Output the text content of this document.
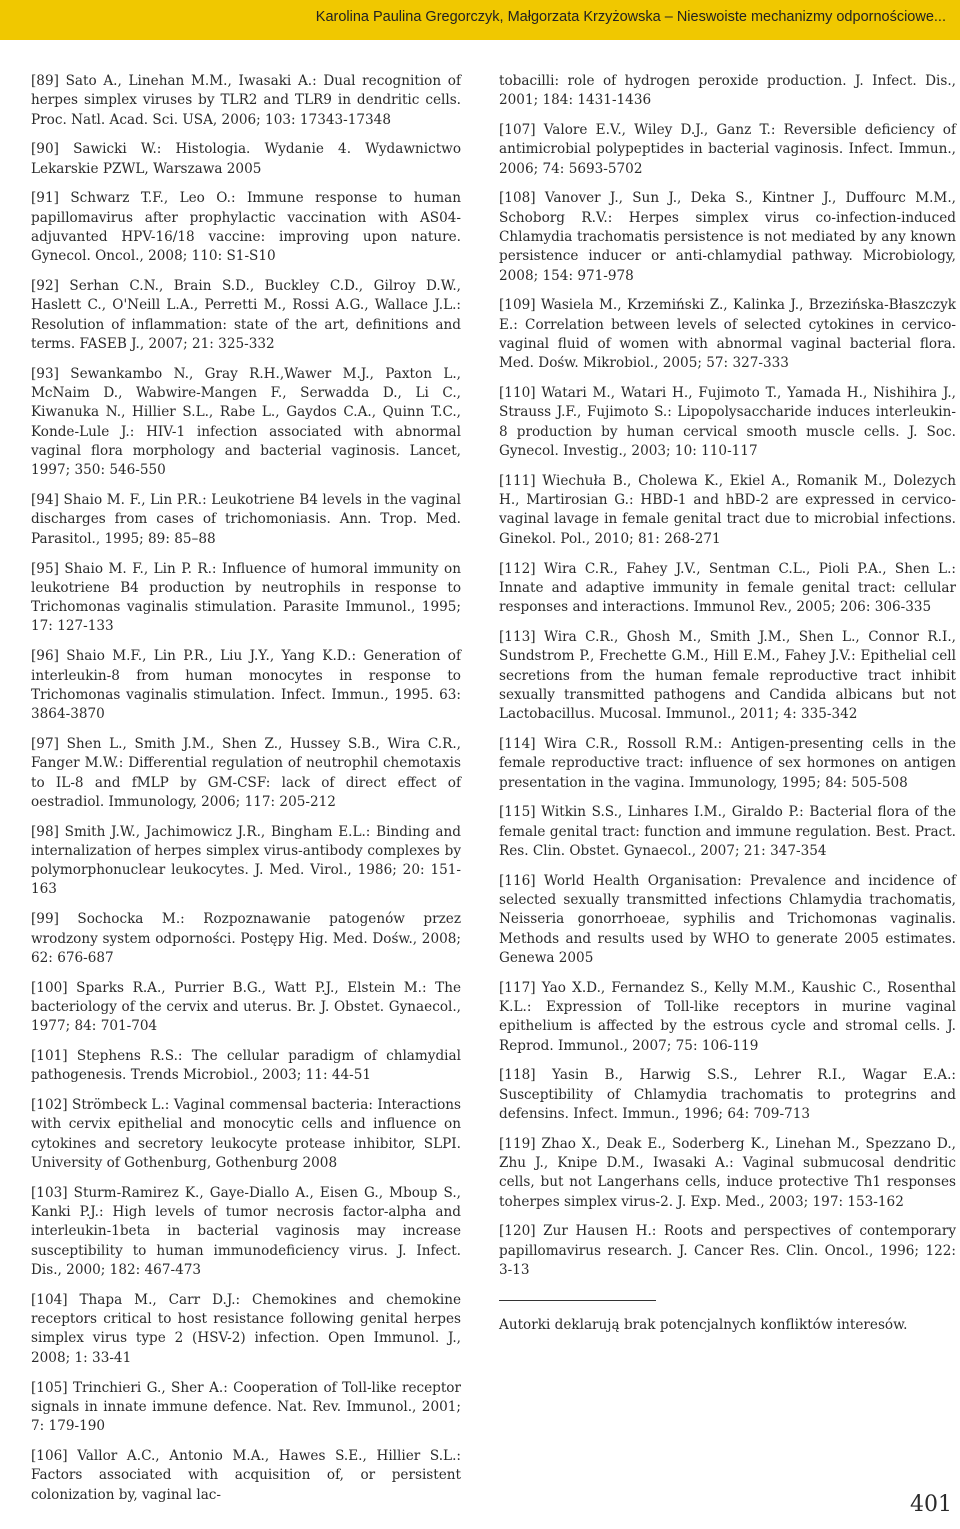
Karolina Paulina Gregorczyk, Małgorzata Krzyżowska – Nieswoiste mechanizmy odpornościowe...

[89] Sato A., Linehan M.M., Iwasaki A.: Dual recognition of herpes simplex viruses by TLR2 and TLR9 in dendritic cells. Proc. Natl. Acad. Sci. USA, 2006; 103: 17343-17348

[90] Sawicki W.: Histologia. Wydanie 4. Wydawnictwo Lekarskie PZWL, Warszawa 2005

[91] Schwarz T.F., Leo O.: Immune response to human papillomavirus after prophylactic vaccination with AS04-adjuvanted HPV-16/18 vaccine: improving upon nature. Gynecol. Oncol., 2008; 110: S1-S10

[92] Serhan C.N., Brain S.D., Buckley C.D., Gilroy D.W., Haslett C., O'Neill L.A., Perretti M., Rossi A.G., Wallace J.L.: Resolution of inflammation: state of the art, definitions and terms. FASEB J., 2007; 21: 325-332

[93] Sewankambo N., Gray R.H.,Wawer M.J., Paxton L., McNaim D., Wabwire-Mangen F., Serwadda D., Li C., Kiwanuka N., Hillier S.L., Rabe L., Gaydos C.A., Quinn T.C., Konde-Lule J.: HIV-1 infection associated with abnormal vaginal flora morphology and bacterial vaginosis. Lancet, 1997; 350: 546-550

[94] Shaio M. F., Lin P.R.: Leukotriene B4 levels in the vaginal discharges from cases of trichomoniasis. Ann. Trop. Med. Parasitol., 1995; 89: 85–88

[95] Shaio M. F., Lin P. R.: Influence of humoral immunity on leukotriene B4 production by neutrophils in response to Trichomonas vaginalis stimulation. Parasite Immunol., 1995; 17: 127-133

[96] Shaio M.F., Lin P.R., Liu J.Y., Yang K.D.: Generation of interleukin-8 from human monocytes in response to Trichomonas vaginalis stimulation. Infect. Immun., 1995. 63: 3864-3870

[97] Shen L., Smith J.M., Shen Z., Hussey S.B., Wira C.R., Fanger M.W.: Differential regulation of neutrophil chemotaxis to IL-8 and fMLP by GM-CSF: lack of direct effect of oestradiol. Immunology, 2006; 117: 205-212

[98] Smith J.W., Jachimowicz J.R., Bingham E.L.: Binding and internalization of herpes simplex virus-antibody complexes by polymorphonuclear leukocytes. J. Med. Virol., 1986; 20: 151-163

[99] Sochocka M.: Rozpoznawanie patogenów przez wrodzony system odporności. Postępy Hig. Med. Dośw., 2008; 62: 676-687

[100] Sparks R.A., Purrier B.G., Watt P.J., Elstein M.: The bacteriology of the cervix and uterus. Br. J. Obstet. Gynaecol., 1977; 84: 701-704

[101] Stephens R.S.: The cellular paradigm of chlamydial pathogenesis. Trends Microbiol., 2003; 11: 44-51

[102] Strömbeck L.: Vaginal commensal bacteria: Interactions with cervix epithelial and monocytic cells and influence on cytokines and secretory leukocyte protease inhibitor, SLPI. University of Gothenburg, Gothenburg 2008

[103] Sturm-Ramirez K., Gaye-Diallo A., Eisen G., Mboup S., Kanki P.J.: High levels of tumor necrosis factor-alpha and interleukin-1beta in bacterial vaginosis may increase susceptibility to human immunodeficiency virus. J. Infect. Dis., 2000; 182: 467-473

[104] Thapa M., Carr D.J.: Chemokines and chemokine receptors critical to host resistance following genital herpes simplex virus type 2 (HSV-2) infection. Open Immunol. J., 2008; 1: 33-41

[105] Trinchieri G., Sher A.: Cooperation of Toll-like receptor signals in innate immune defence. Nat. Rev. Immunol., 2001; 7: 179-190

[106] Vallor A.C., Antonio M.A., Hawes S.E., Hillier S.L.: Factors associated with acquisition of, or persistent colonization by, vaginal lac-

tobacilli: role of hydrogen peroxide production. J. Infect. Dis., 2001; 184: 1431-1436

[107] Valore E.V., Wiley D.J., Ganz T.: Reversible deficiency of antimicrobial polypeptides in bacterial vaginosis. Infect. Immun., 2006; 74: 5693-5702

[108] Vanover J., Sun J., Deka S., Kintner J., Duffourc M.M., Schoborg R.V.: Herpes simplex virus co-infection-induced Chlamydia trachomatis persistence is not mediated by any known persistence inducer or anti-chlamydial pathway. Microbiology, 2008; 154: 971-978

[109] Wasiela M., Krzemiński Z., Kalinka J., Brzezińska-Błaszczyk E.: Correlation between levels of selected cytokines in cervico-vaginal fluid of women with abnormal vaginal bacterial flora. Med. Dośw. Mikrobiol., 2005; 57: 327-333

[110] Watari M., Watari H., Fujimoto T., Yamada H., Nishihira J., Strauss J.F., Fujimoto S.: Lipopolysaccharide induces interleukin-8 production by human cervical smooth muscle cells. J. Soc. Gynecol. Investig., 2003; 10: 110-117

[111] Wiechuła B., Cholewa K., Ekiel A., Romanik M., Dolezych H., Martirosian G.: HBD-1 and hBD-2 are expressed in cervico-vaginal lavage in female genital tract due to microbial infections. Ginekol. Pol., 2010; 81: 268-271

[112] Wira C.R., Fahey J.V., Sentman C.L., Pioli P.A., Shen L.: Innate and adaptive immunity in female genital tract: cellular responses and interactions. Immunol Rev., 2005; 206: 306-335

[113] Wira C.R., Ghosh M., Smith J.M., Shen L., Connor R.I., Sundstrom P., Frechette G.M., Hill E.M., Fahey J.V.: Epithelial cell secretions from the human female reproductive tract inhibit sexually transmitted pathogens and Candida albicans but not Lactobacillus. Mucosal. Immunol., 2011; 4: 335-342

[114] Wira C.R., Rossoll R.M.: Antigen-presenting cells in the female reproductive tract: influence of sex hormones on antigen presentation in the vagina. Immunology, 1995; 84: 505-508

[115] Witkin S.S., Linhares I.M., Giraldo P.: Bacterial flora of the female genital tract: function and immune regulation. Best. Pract. Res. Clin. Obstet. Gynaecol., 2007; 21: 347-354

[116] World Health Organisation: Prevalence and incidence of selected sexually transmitted infections Chlamydia trachomatis, Neisseria gonorrhoeae, syphilis and Trichomonas vaginalis. Methods and results used by WHO to generate 2005 estimates. Genewa 2005

[117] Yao X.D., Fernandez S., Kelly M.M., Kaushic C., Rosenthal K.L.: Expression of Toll-like receptors in murine vaginal epithelium is affected by the estrous cycle and stromal cells. J. Reprod. Immunol., 2007; 75: 106-119

[118] Yasin B., Harwig S.S., Lehrer R.I., Wagar E.A.: Susceptibility of Chlamydia trachomatis to protegrins and defensins. Infect. Immun., 1996; 64: 709-713

[119] Zhao X., Deak E., Soderberg K., Linehan M., Spezzano D., Zhu J., Knipe D.M., Iwasaki A.: Vaginal submucosal dendritic cells, but not Langerhans cells, induce protective Th1 responses toherpes simplex virus-2. J. Exp. Med., 2003; 197: 153-162

[120] Zur Hausen H.: Roots and perspectives of contemporary papillomavirus research. J. Cancer Res. Clin. Oncol., 1996; 122: 3-13

Autorki deklarują brak potencjalnych konfliktów interesów.

401
